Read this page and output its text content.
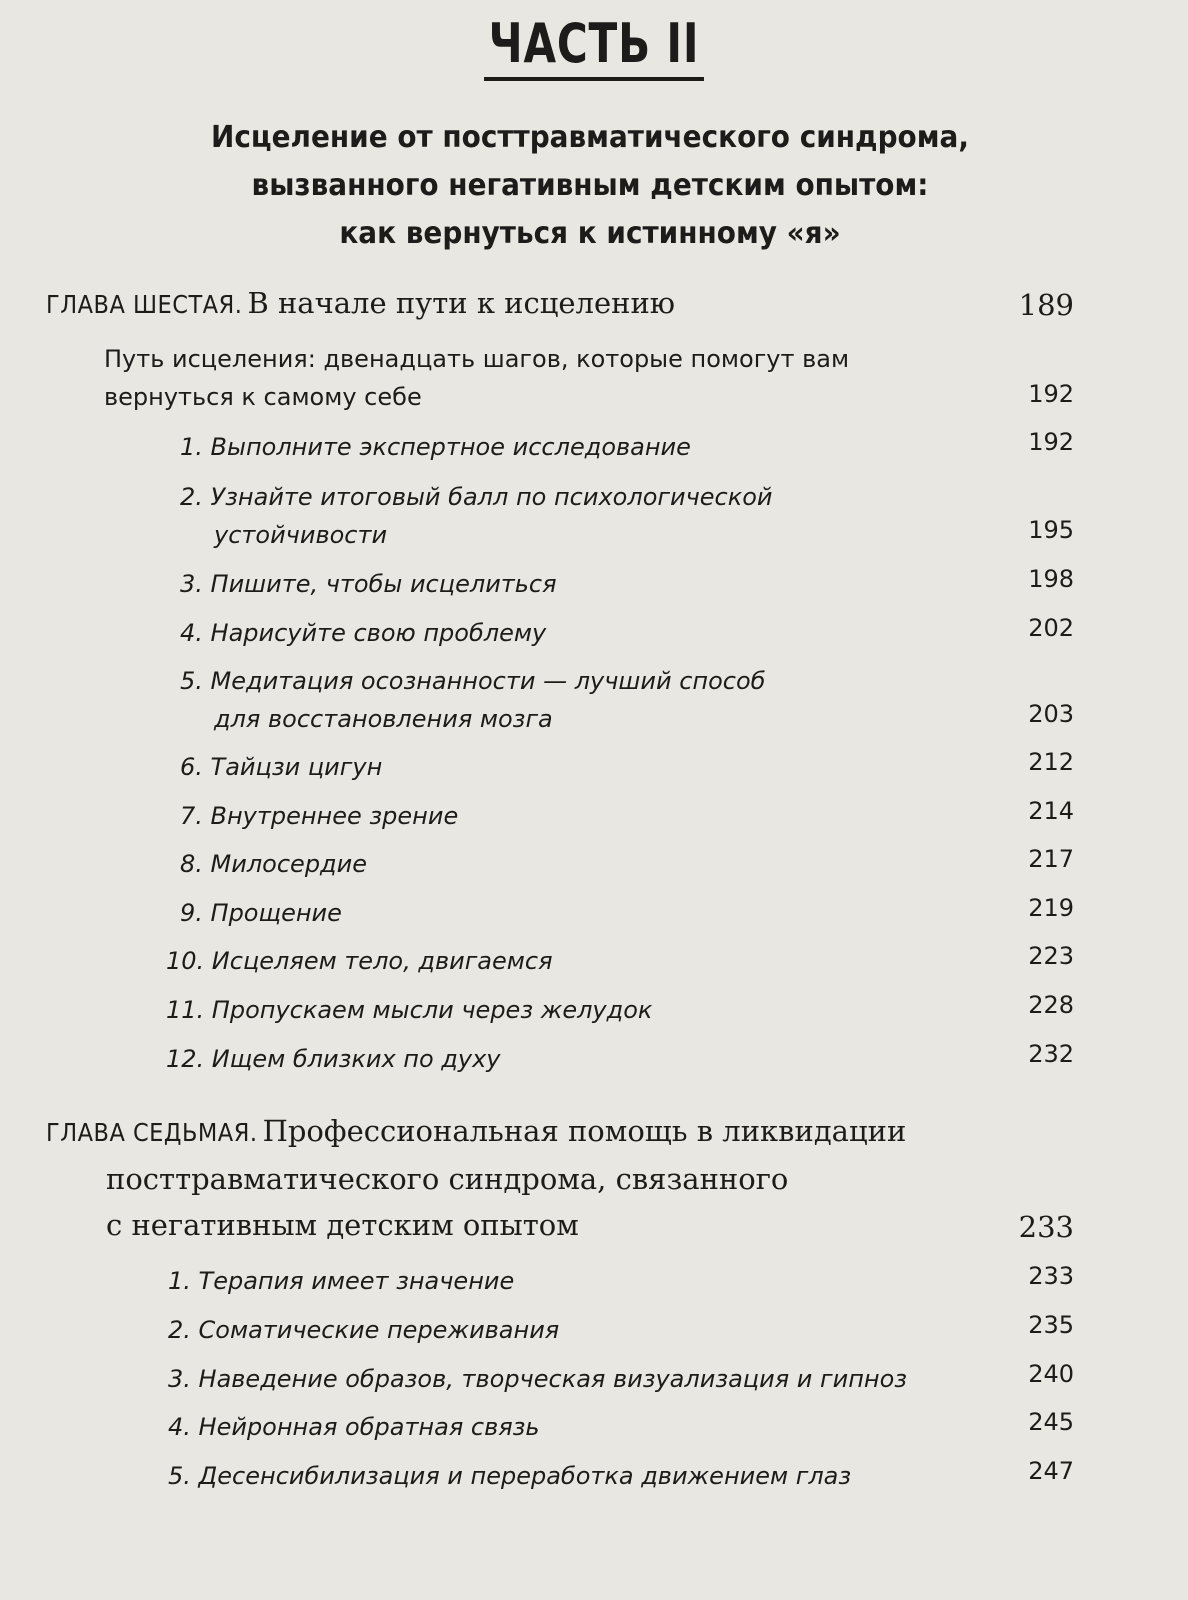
ЧАСТЬ II
Исцеление от посттравматического синдрома,
вызванного негативным детским опытом:
как вернуться к истинному «я»
ГЛАВА ШЕСТАЯ. В начале пути к исцелению	189
Путь исцеления: двенадцать шагов, которые помогут вам
вернуться к самому себе	192
1. Выполните экспертное исследование	192
2. Узнайте итоговый балл по психологической
устойчивости	195
3. Пишите, чтобы исцелиться	198
4. Нарисуйте свою проблему	202
5. Медитация осознанности — лучший способ
для восстановления мозга	203
6. Тайцзи цигун	212
7. Внутреннее зрение	214
8. Милосердие	217
9. Прощение	219
10. Исцеляем тело, двигаемся	223
11. Пропускаем мысли через желудок	228
12. Ищем близких по духу	232
ГЛАВА СЕДЬМАЯ. Профессиональная помощь в ликвидации
посттравматического синдрома, связанного
с негативным детским опытом	233
1. Терапия имеет значение	233
2. Соматические переживания	235
3. Наведение образов, творческая визуализация и гипноз	240
4. Нейронная обратная связь	245
5. Десенсибилизация и переработка движением глаз	247
